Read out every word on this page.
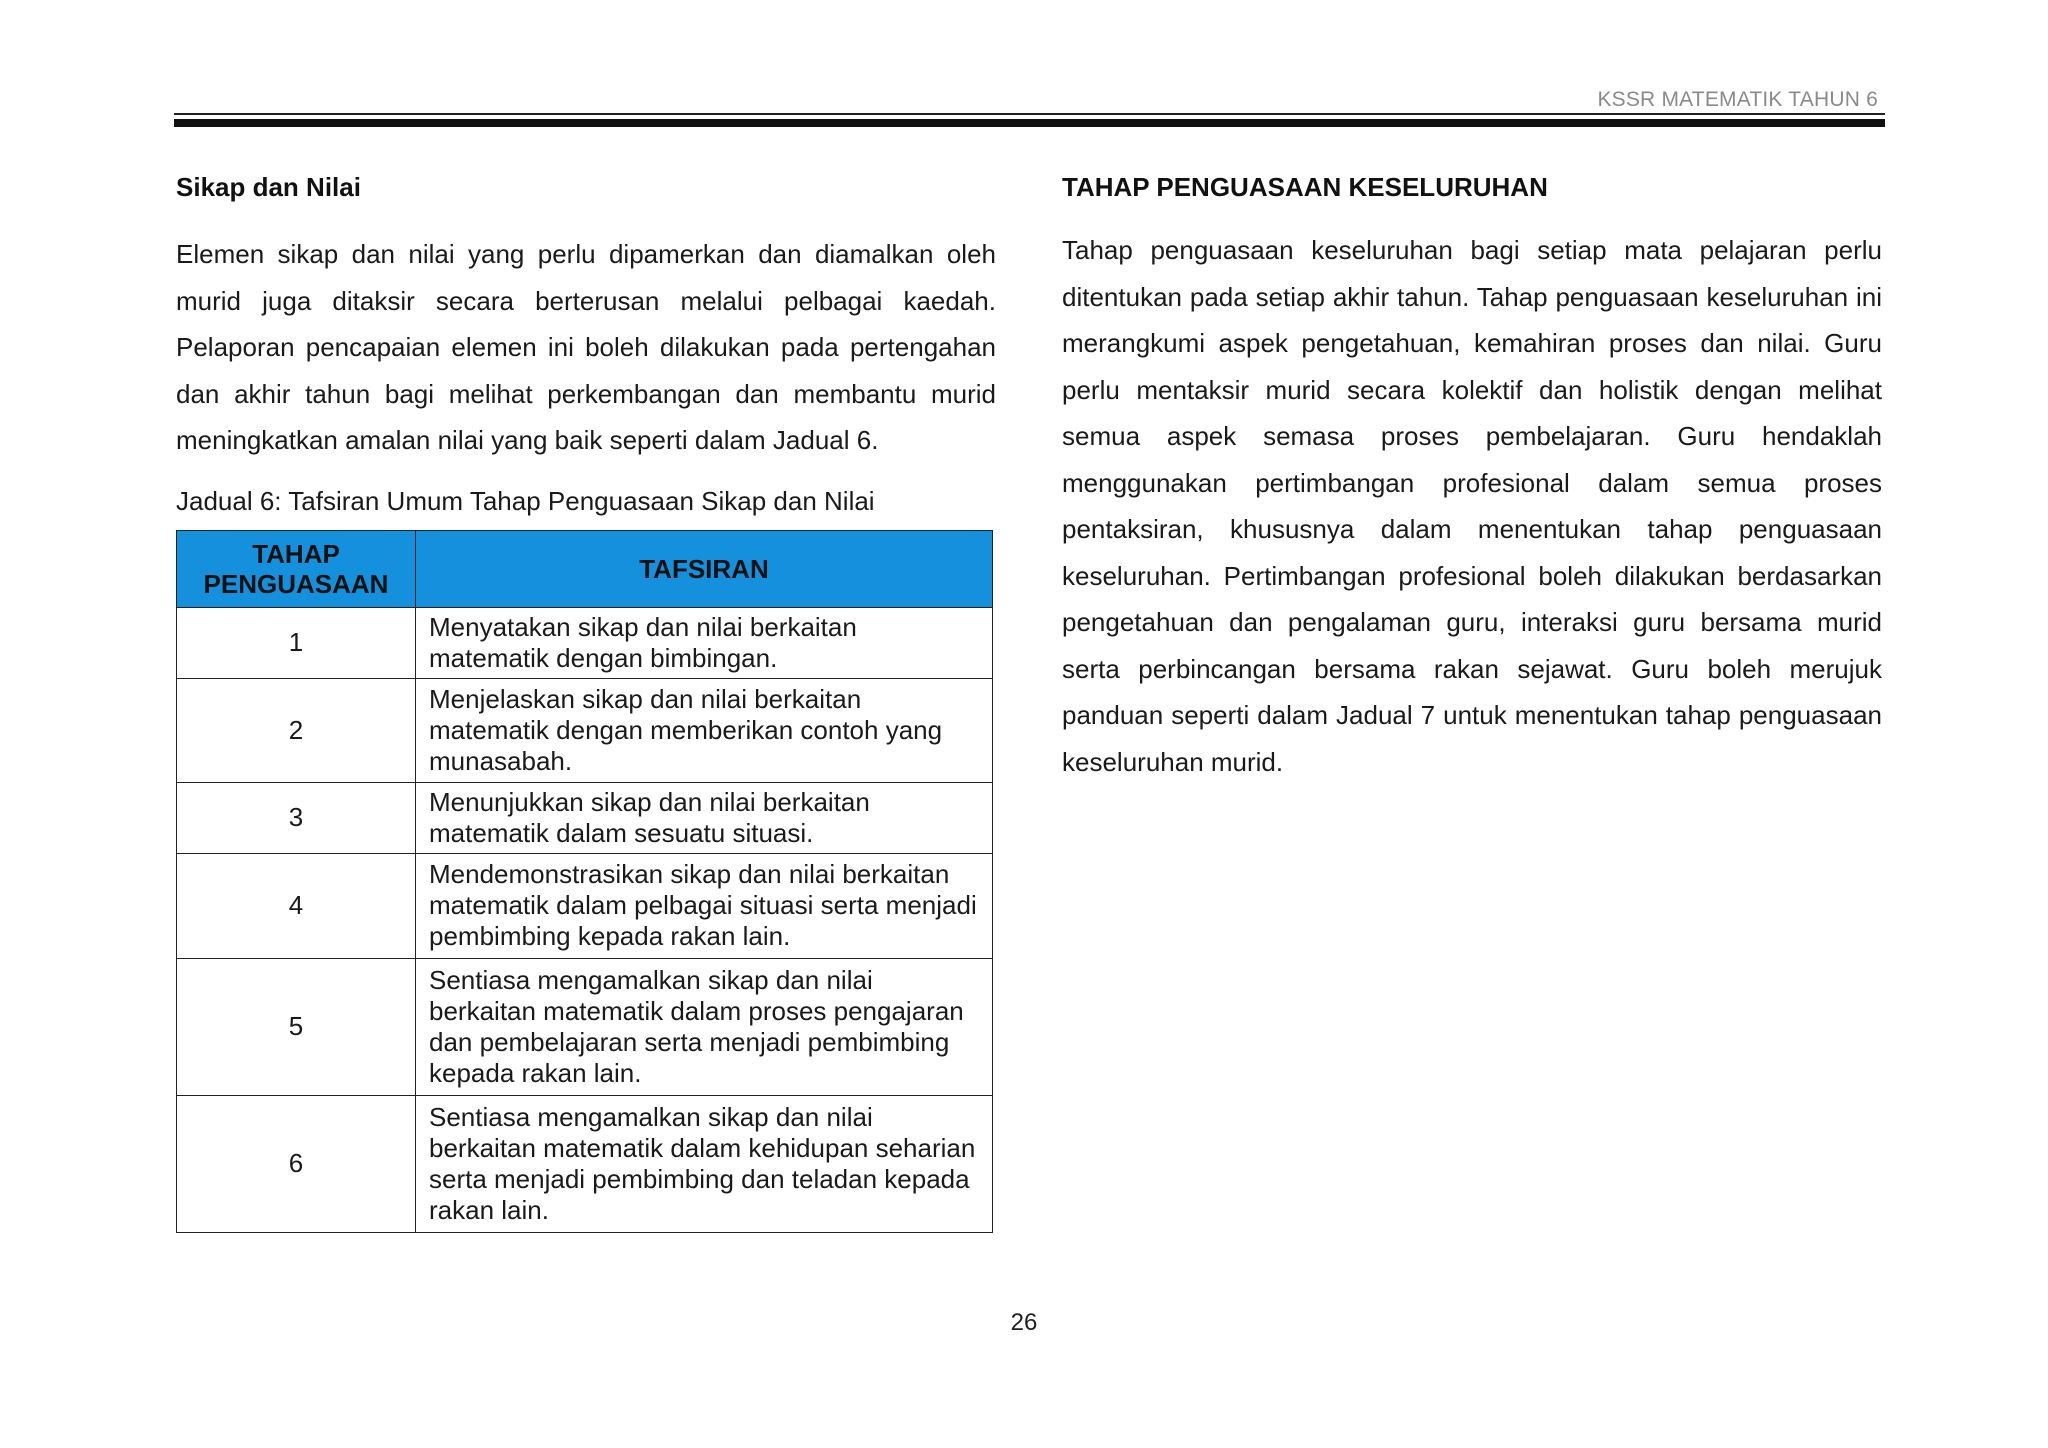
KSSR MATEMATIK TAHUN 6
Sikap dan Nilai

Elemen sikap dan nilai yang perlu dipamerkan dan diamalkan oleh murid juga ditaksir secara berterusan melalui pelbagai kaedah. Pelaporan pencapaian elemen ini boleh dilakukan pada pertengahan dan akhir tahun bagi melihat perkembangan dan membantu murid meningkatkan amalan nilai yang baik seperti dalam Jadual 6.

Jadual 6: Tafsiran Umum Tahap Penguasaan Sikap dan Nilai
TAHAP PENGUASAAN	TAFSIRAN
1	Menyatakan sikap dan nilai berkaitan matematik dengan bimbingan.
2	Menjelaskan sikap dan nilai berkaitan matematik dengan memberikan contoh yang munasabah.
3	Menunjukkan sikap dan nilai berkaitan matematik dalam sesuatu situasi.
4	Mendemonstrasikan sikap dan nilai berkaitan matematik dalam pelbagai situasi serta menjadi pembimbing kepada rakan lain.
5	Sentiasa mengamalkan sikap dan nilai berkaitan matematik dalam proses pengajaran dan pembelajaran serta menjadi pembimbing kepada rakan lain.
6	Sentiasa mengamalkan sikap dan nilai berkaitan matematik dalam kehidupan seharian serta menjadi pembimbing dan teladan kepada rakan lain.
TAHAP PENGUASAAN KESELURUHAN

Tahap penguasaan keseluruhan bagi setiap mata pelajaran perlu ditentukan pada setiap akhir tahun. Tahap penguasaan keseluruhan ini merangkumi aspek pengetahuan, kemahiran proses dan nilai. Guru perlu mentaksir murid secara kolektif dan holistik dengan melihat semua aspek semasa proses pembelajaran. Guru hendaklah menggunakan pertimbangan profesional dalam semua proses pentaksiran, khususnya dalam menentukan tahap penguasaan keseluruhan. Pertimbangan profesional boleh dilakukan berdasarkan pengetahuan dan pengalaman guru, interaksi guru bersama murid serta perbincangan bersama rakan sejawat. Guru boleh merujuk panduan seperti dalam Jadual 7 untuk menentukan tahap penguasaan keseluruhan murid.

26
